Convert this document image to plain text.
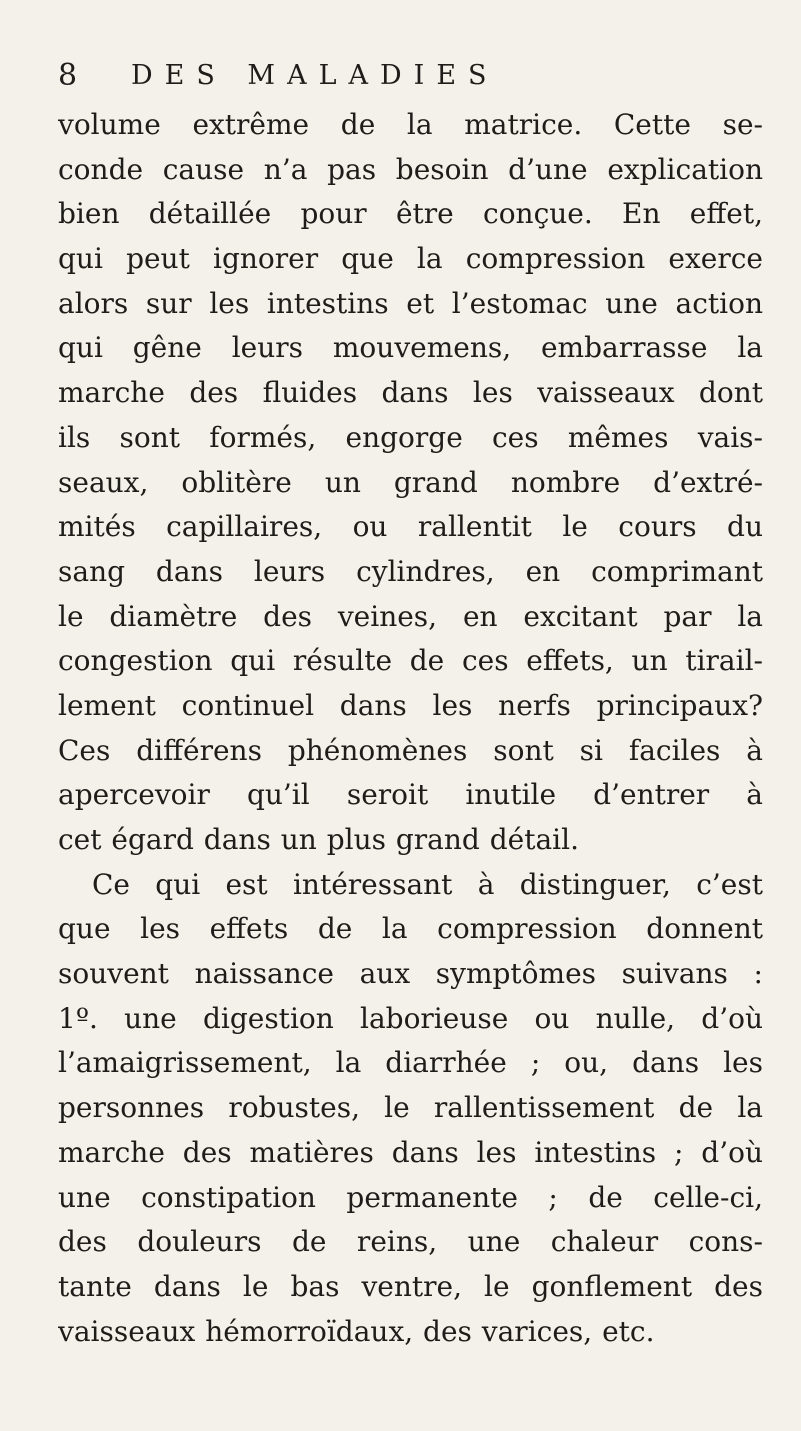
8 DES MALADIES
volume extrême de la matrice. Cette se-
conde cause n’a pas besoin d’une explication
bien détaillée pour être conçue. En effet,
qui peut ignorer que la compression exerce
alors sur les intestins et l’estomac une action
qui gêne leurs mouvemens, embarrasse la
marche des fluides dans les vaisseaux dont
ils sont formés, engorge ces mêmes vais-
seaux, oblitère un grand nombre d’extré-
mités capillaires, ou rallentit le cours du
sang dans leurs cylindres, en comprimant
le diamètre des veines, en excitant par la
congestion qui résulte de ces effets, un tirail-
lement continuel dans les nerfs principaux?
Ces différens phénomènes sont si faciles à
apercevoir qu’il seroit inutile d’entrer à
cet égard dans un plus grand détail.
Ce qui est intéressant à distinguer, c’est
que les effets de la compression donnent
souvent naissance aux symptômes suivans :
1º. une digestion laborieuse ou nulle, d’où
l’amaigrissement, la diarrhée ; ou, dans les
personnes robustes, le rallentissement de la
marche des matières dans les intestins ; d’où
une constipation permanente ; de celle-ci,
des douleurs de reins, une chaleur cons-
tante dans le bas ventre, le gonflement des
vaisseaux hémorroïdaux, des varices, etc.
